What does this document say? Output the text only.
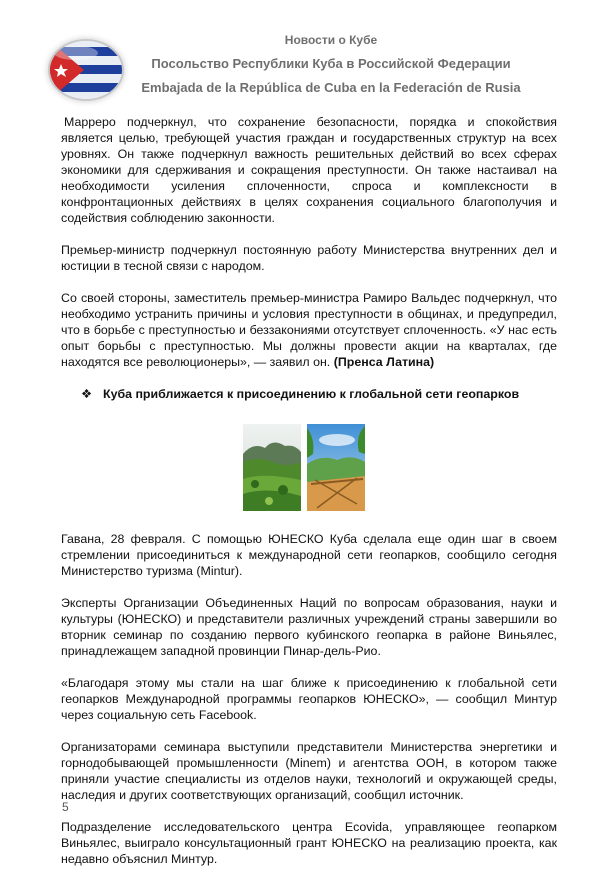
Новости о Кубе
Посольство Республики Куба в Российской Федерации
Embajada de la República de Cuba en la Federación de Rusia

Марреро подчеркнул, что сохранение безопасности, порядка и спокойствия является целью, требующей участия граждан и государственных структур на всех уровнях. Он также подчеркнул важность решительных действий во всех сферах экономики для сдерживания и сокращения преступности. Он также настаивал на необходимости усиления сплоченности, спроса и комплексности в конфронтационных действиях в целях сохранения социального благополучия и содействия соблюдению законности.

Премьер-министр подчеркнул постоянную работу Министерства внутренних дел и юстиции в тесной связи с народом.

Со своей стороны, заместитель премьер-министра Рамиро Вальдес подчеркнул, что необходимо устранить причины и условия преступности в общинах, и предупредил, что в борьбе с преступностью и беззакониями отсутствует сплоченность. «У нас есть опыт борьбы с преступностью. Мы должны провести акции на кварталах, где находятся все революционеры», — заявил он. (Пренса Латина)

❖ Куба приближается к присоединению к глобальной сети геопарков

Гавана, 28 февраля. С помощью ЮНЕСКО Куба сделала еще один шаг в своем стремлении присоединиться к международной сети геопарков, сообщило сегодня Министерство туризма (Mintur).

Эксперты Организации Объединенных Наций по вопросам образования, науки и культуры (ЮНЕСКО) и представители различных учреждений страны завершили во вторник семинар по созданию первого кубинского геопарка в районе Виньялес, принадлежащем западной провинции Пинар-дель-Рио.

«Благодаря этому мы стали на шаг ближе к присоединению к глобальной сети геопарков Международной программы геопарков ЮНЕСКО», — сообщил Минтур через социальную сеть Facebook.

Организаторами семинара выступили представители Министерства энергетики и горнодобывающей промышленности (Minem) и агентства ООН, в котором также приняли участие специалисты из отделов науки, технологий и окружающей среды, наследия и других соответствующих организаций, сообщил источник.

Подразделение исследовательского центра Ecovida, управляющее геопарком Виньялес, выиграло консультационный грант ЮНЕСКО на реализацию проекта, как недавно объяснил Минтур.

5
